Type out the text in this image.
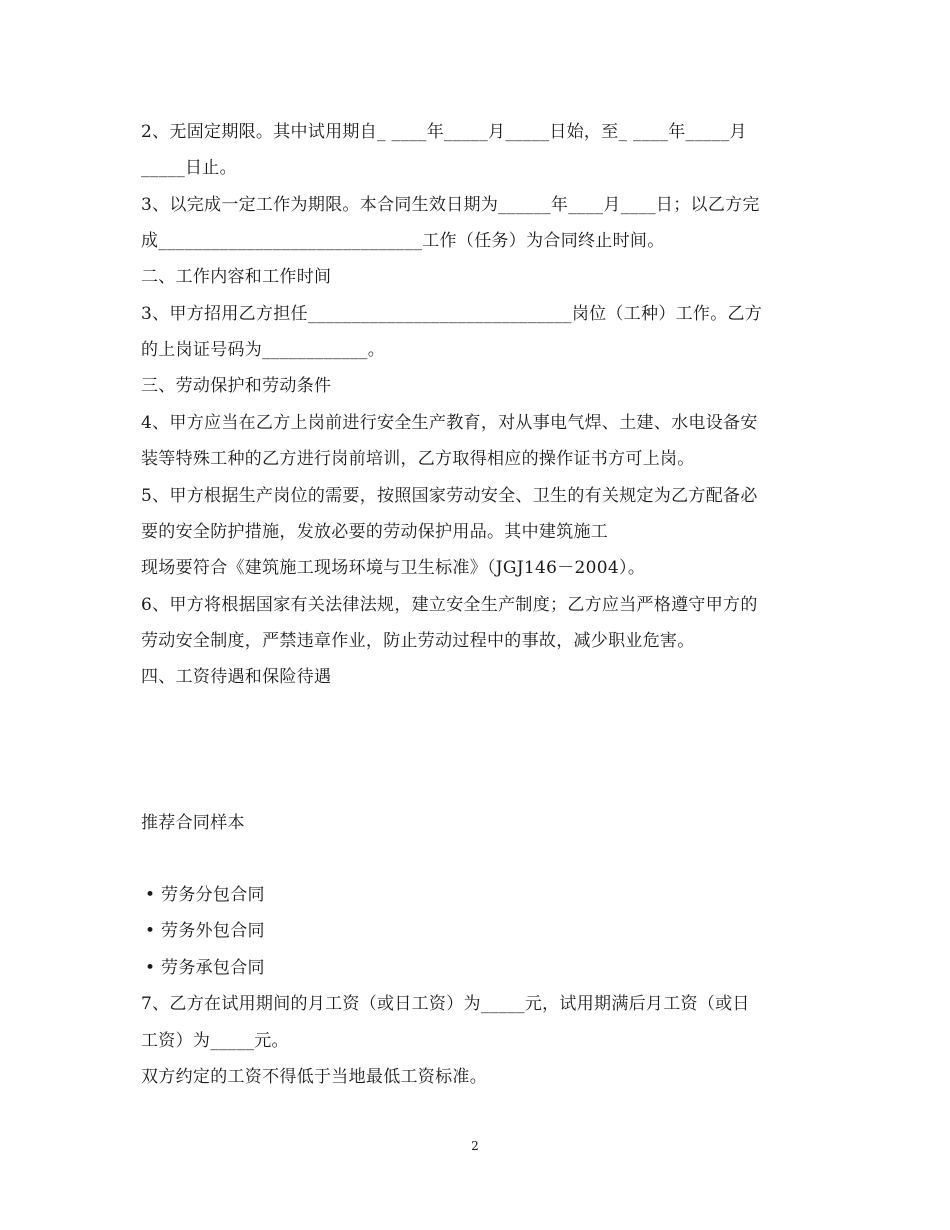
2、无固定期限。其中试用期自_ ____年_____月_____日始，至_ ____年_____月
_____日止。
3、以完成一定工作为期限。本合同生效日期为______年____月____日；以乙方完
成______________________________工作（任务）为合同终止时间。
二、工作内容和工作时间
3、甲方招用乙方担任______________________________岗位（工种）工作。乙方
的上岗证号码为____________。
三、劳动保护和劳动条件
4、甲方应当在乙方上岗前进行安全生产教育，对从事电气焊、土建、水电设备安
装等特殊工种的乙方进行岗前培训，乙方取得相应的操作证书方可上岗。
5、甲方根据生产岗位的需要，按照国家劳动安全、卫生的有关规定为乙方配备必
要的安全防护措施，发放必要的劳动保护用品。其中建筑施工
现场要符合《建筑施工现场环境与卫生标准》（JGJ146－2004）。
6、甲方将根据国家有关法律法规，建立安全生产制度；乙方应当严格遵守甲方的
劳动安全制度，严禁违章作业，防止劳动过程中的事故，减少职业危害。
四、工资待遇和保险待遇
推荐合同样本
• 劳务分包合同
• 劳务外包合同
• 劳务承包合同
7、乙方在试用期间的月工资（或日工资）为_____元，试用期满后月工资（或日
工资）为_____元。
双方约定的工资不得低于当地最低工资标准。
2
